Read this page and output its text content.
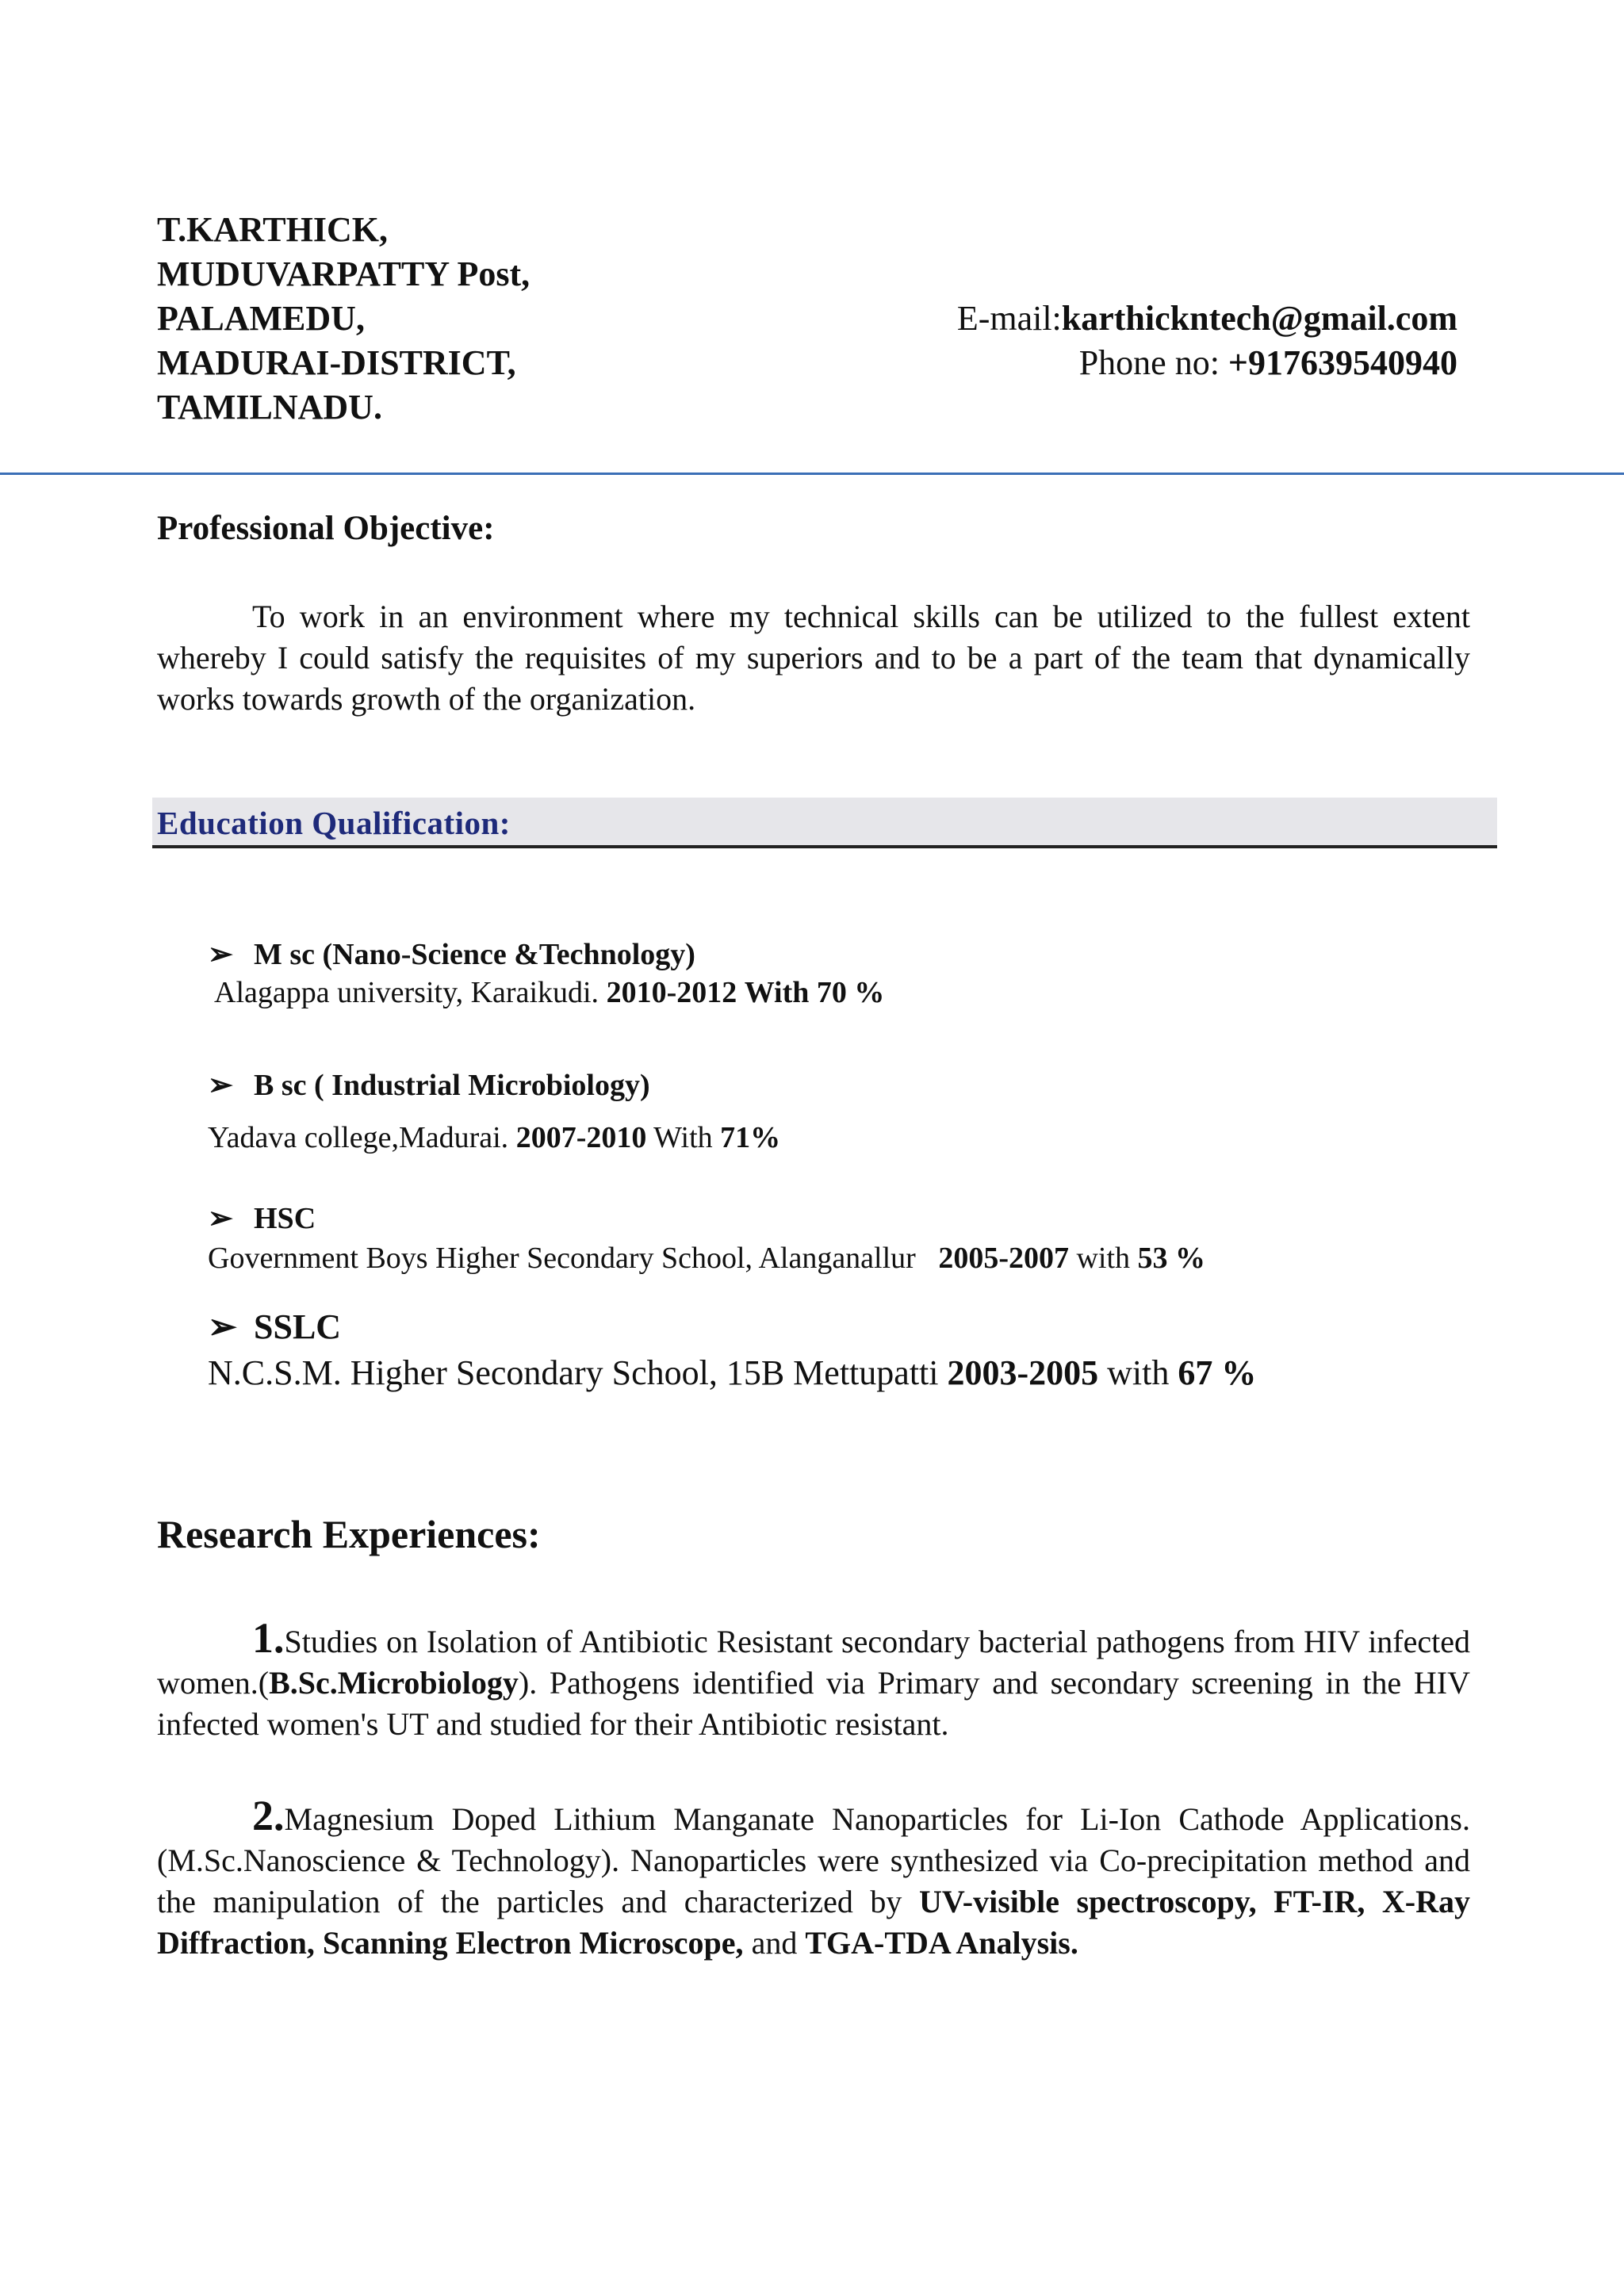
T.KARTHICK,
MUDUVARPATTY Post,
PALAMEDU,
MADURAI-DISTRICT,
TAMILNADU.
E-mail:karthickntech@gmail.com
Phone no: +917639540940
Professional Objective:
To work in an environment where my technical skills can be utilized to the fullest extent whereby I could satisfy the requisites of my superiors and to be a part of the team that dynamically works towards growth of the organization.
Education Qualification:
➢ M sc (Nano-Science &Technology)
Alagappa university, Karaikudi. 2010-2012 With 70 %
➢ B sc ( Industrial Microbiology)
Yadava college,Madurai. 2007-2010 With 71%
➢ HSC
Government Boys Higher Secondary School, Alanganallur 2005-2007 with 53 %
➢ SSLC
N.C.S.M. Higher Secondary School, 15B Mettupatti 2003-2005 with 67 %
Research Experiences:
1.Studies on Isolation of Antibiotic Resistant secondary bacterial pathogens from HIV infected women.(B.Sc.Microbiology). Pathogens identified via Primary and secondary screening in the HIV infected women's UT and studied for their Antibiotic resistant.
2.Magnesium Doped Lithium Manganate Nanoparticles for Li-Ion Cathode Applications.(M.Sc.Nanoscience & Technology). Nanoparticles were synthesized via Co-precipitation method and the manipulation of the particles and characterized by UV-visible spectroscopy, FT-IR, X-Ray Diffraction, Scanning Electron Microscope, and TGA-TDA Analysis.
